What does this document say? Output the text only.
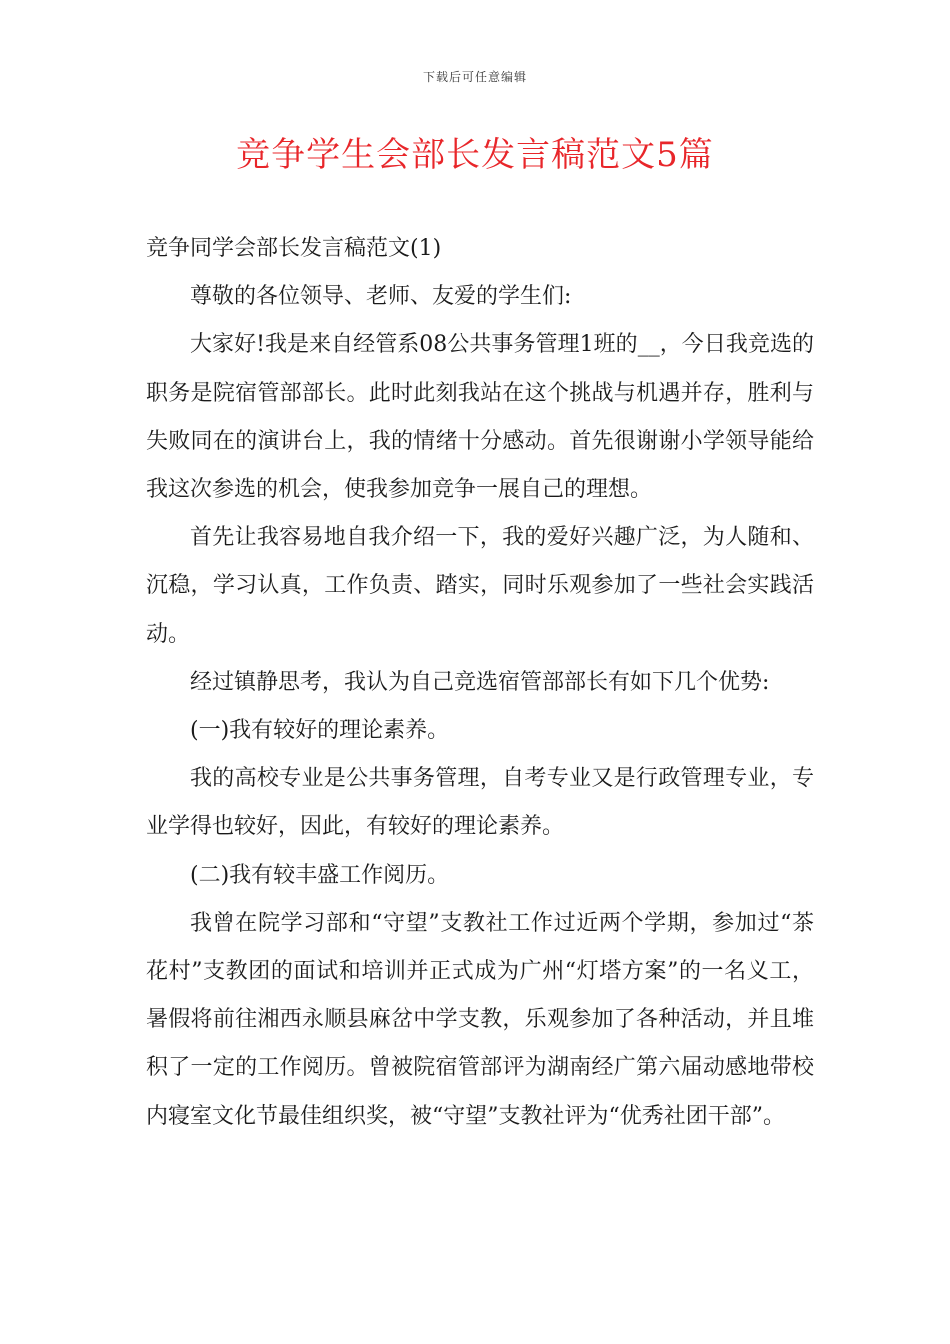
下载后可任意编辑
竞争学生会部长发言稿范文5篇

竞争同学会部长发言稿范文(1)

尊敬的各位领导、老师、友爱的学生们:

大家好!我是来自经管系08公共事务管理1班的__，今日我竞选的职务是院宿管部部长。此时此刻我站在这个挑战与机遇并存，胜利与失败同在的演讲台上，我的情绪十分感动。首先很谢谢小学领导能给我这次参选的机会，使我参加竞争一展自己的理想。

首先让我容易地自我介绍一下，我的爱好兴趣广泛，为人随和、沉稳，学习认真，工作负责、踏实，同时乐观参加了一些社会实践活动。

经过镇静思考，我认为自己竞选宿管部部长有如下几个优势:

(一)我有较好的理论素养。

我的高校专业是公共事务管理，自考专业又是行政管理专业，专业学得也较好，因此，有较好的理论素养。

(二)我有较丰盛工作阅历。

我曾在院学习部和“守望”支教社工作过近两个学期，参加过“茶花村”支教团的面试和培训并正式成为广州“灯塔方案”的一名义工，暑假将前往湘西永顺县麻岔中学支教，乐观参加了各种活动，并且堆积了一定的工作阅历。曾被院宿管部评为湖南经广第六届动感地带校内寝室文化节最佳组织奖，被“守望”支教社评为“优秀社团干部”。
